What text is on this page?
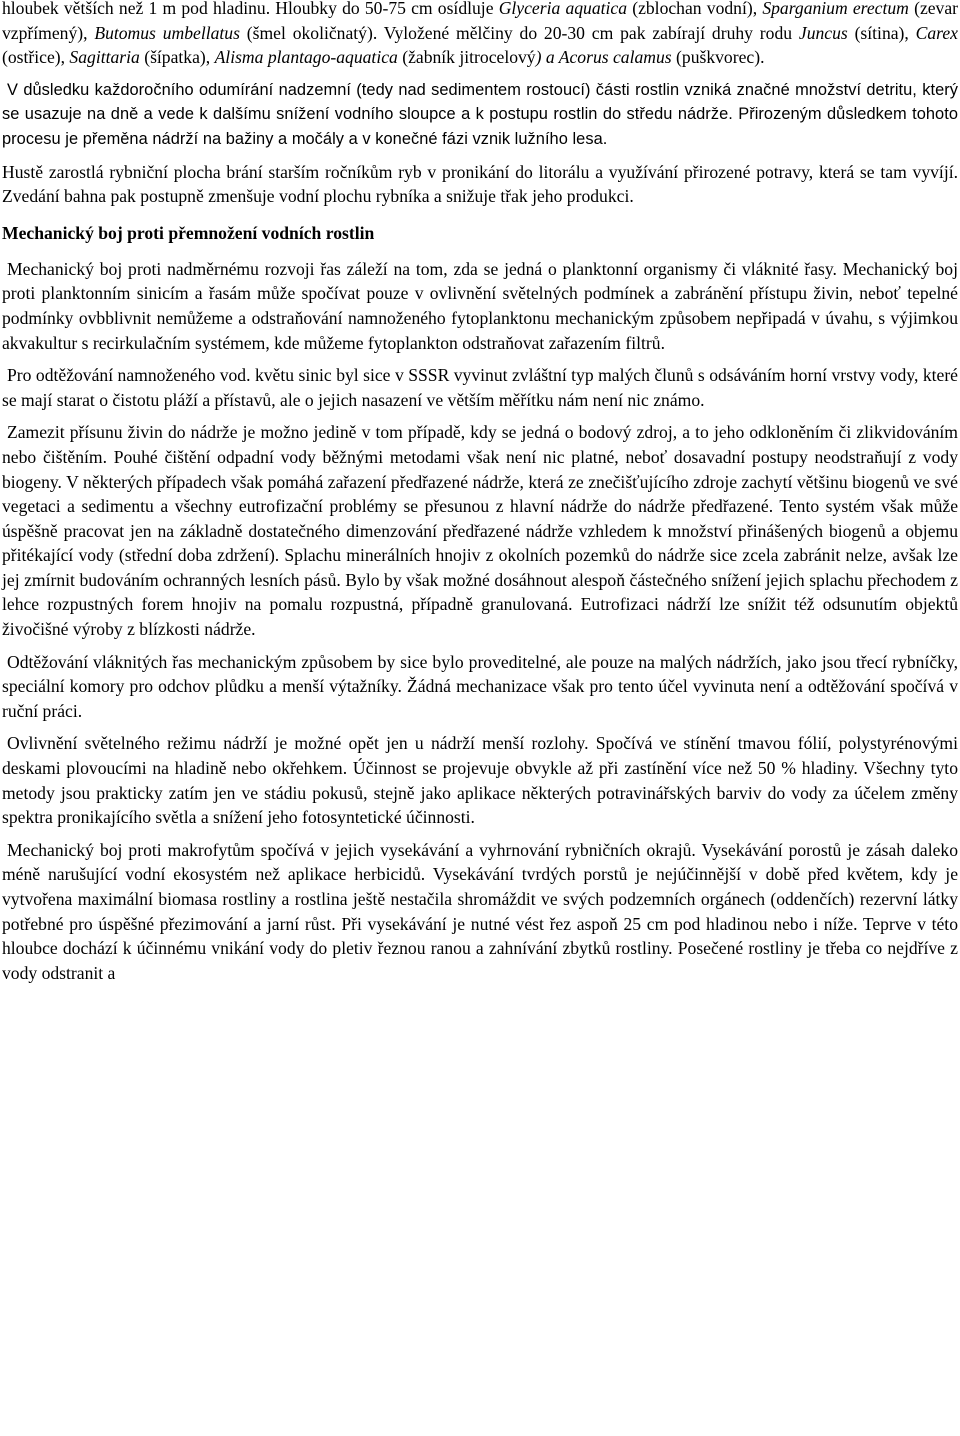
hloubek větších než 1 m pod hladinu. Hloubky do 50-75 cm osídluje Glyceria aquatica (zblochan vodní), Sparganium erectum (zevar vzpřímený), Butomus umbellatus (šmel okoličnatý). Vyložené mělčiny do 20-30 cm pak zabírají druhy rodu Juncus (sítina), Carex (ostřice), Sagittaria (šípatka), Alisma plantago-aquatica (žabník jitrocelový) a Acorus calamus (puškvorec).

V důsledku každoročního odumírání nadzemní (tedy nad sedimentem rostoucí) části rostlin vzniká značné množství detritu, který se usazuje na dně a vede k dalšímu snížení vodního sloupce a k postupu rostlin do středu nádrže. Přirozeným důsledkem tohoto procesu je přeměna nádrží na bažiny a močály a v konečné fázi vznik lužního lesa.

Hustě zarostlá rybniční plocha brání starším ročníkům ryb v pronikání do litorálu a využívání přirozené potravy, která se tam vyvíjí. Zvedání bahna pak postupně zmenšuje vodní plochu rybníka a snižuje třak jeho produkci.

Mechanický boj proti přemnožení vodních rostlin

Mechanický boj proti nadměrnému rozvoji řas záleží na tom, zda se jedná o planktonní organismy či vláknité řasy. Mechanický boj proti planktonním sinicím a řasám může spočívat pouze v ovlivnění světelných podmínek a zabránění přístupu živin, neboť tepelné podmínky ovbblivnit nemůžeme a odstraňování namnoženého fytoplanktonu mechanickým způsobem nepřipadá v úvahu, s výjimkou akvakultur s recirkulačním systémem, kde můžeme fytoplankton odstraňovat zařazením filtrů.

Pro odtěžování namnoženého vod. květu sinic byl sice v SSSR vyvinut zvláštní typ malých člunů s odsáváním horní vrstvy vody, které se mají starat o čistotu pláží a přístavů, ale o jejich nasazení ve větším měřítku nám není nic známo.

Zamezit přísunu živin do nádrže je možno jedině v tom případě, kdy se jedná o bodový zdroj, a to jeho odkloněním či zlikvidováním nebo čištěním. Pouhé čištění odpadní vody běžnými metodami však není nic platné, neboť dosavadní postupy neodstraňují z vody biogeny. V některých případech však pomáhá zařazení předřazené nádrže, která ze znečišťujícího zdroje zachytí většinu biogenů ve své vegetaci a sedimentu a všechny eutrofizační problémy se přesunou z hlavní nádrže do nádrže předřazené. Tento systém však může úspěšně pracovat jen na základně dostatečného dimenzování předřazené nádrže vzhledem k množství přinášených biogenů a objemu přitékající vody (střední doba zdržení). Splachu minerálních hnojiv z okolních pozemků do nádrže sice zcela zabránit nelze, avšak lze jej zmírnit budováním ochranných lesních pásů. Bylo by však možné dosáhnout alespoň částečného snížení jejich splachu přechodem z lehce rozpustných forem hnojiv na pomalu rozpustná, případně granulovaná. Eutrofizaci nádrží lze snížit též odsunutím objektů živočišné výroby z blízkosti nádrže.

Odtěžování vláknitých řas mechanickým způsobem by sice bylo proveditelné, ale pouze na malých nádržích, jako jsou třecí rybníčky, speciální komory pro odchov plůdku a menší výtažníky. Žádná mechanizace však pro tento účel vyvinuta není a odtěžování spočívá v ruční práci.

Ovlivnění světelného režimu nádrží je možné opět jen u nádrží menší rozlohy. Spočívá ve stínění tmavou fólií, polystyrénovými deskami plovoucími na hladině nebo okřehkem. Účinnost se projevuje obvykle až při zastínění více než 50 % hladiny. Všechny tyto metody jsou prakticky zatím jen ve stádiu pokusů, stejně jako aplikace některých potravinářských barviv do vody za účelem změny spektra pronikajícího světla a snížení jeho fotosyntetické účinnosti.

Mechanický boj proti makrofytům spočívá v jejich vysekávání a vyhrnování rybničních okrajů. Vysekávání porostů je zásah daleko méně narušující vodní ekosystém než aplikace herbicidů. Vysekávání tvrdých porstů je nejúčinnější v době před květem, kdy je vytvořena maximální biomasa rostliny a rostlina ještě nestačila shromáždit ve svých podzemních orgánech (oddenčích) rezervní látky potřebné pro úspěšné přezimování a jarní růst. Při vysekávání je nutné vést řez aspoň 25 cm pod hladinou nebo i níže. Teprve v této hloubce dochází k účinnému vnikání vody do pletiv řeznou ranou a zahnívání zbytků rostliny. Posečené rostliny je třeba co nejdříve z vody odstranit a
